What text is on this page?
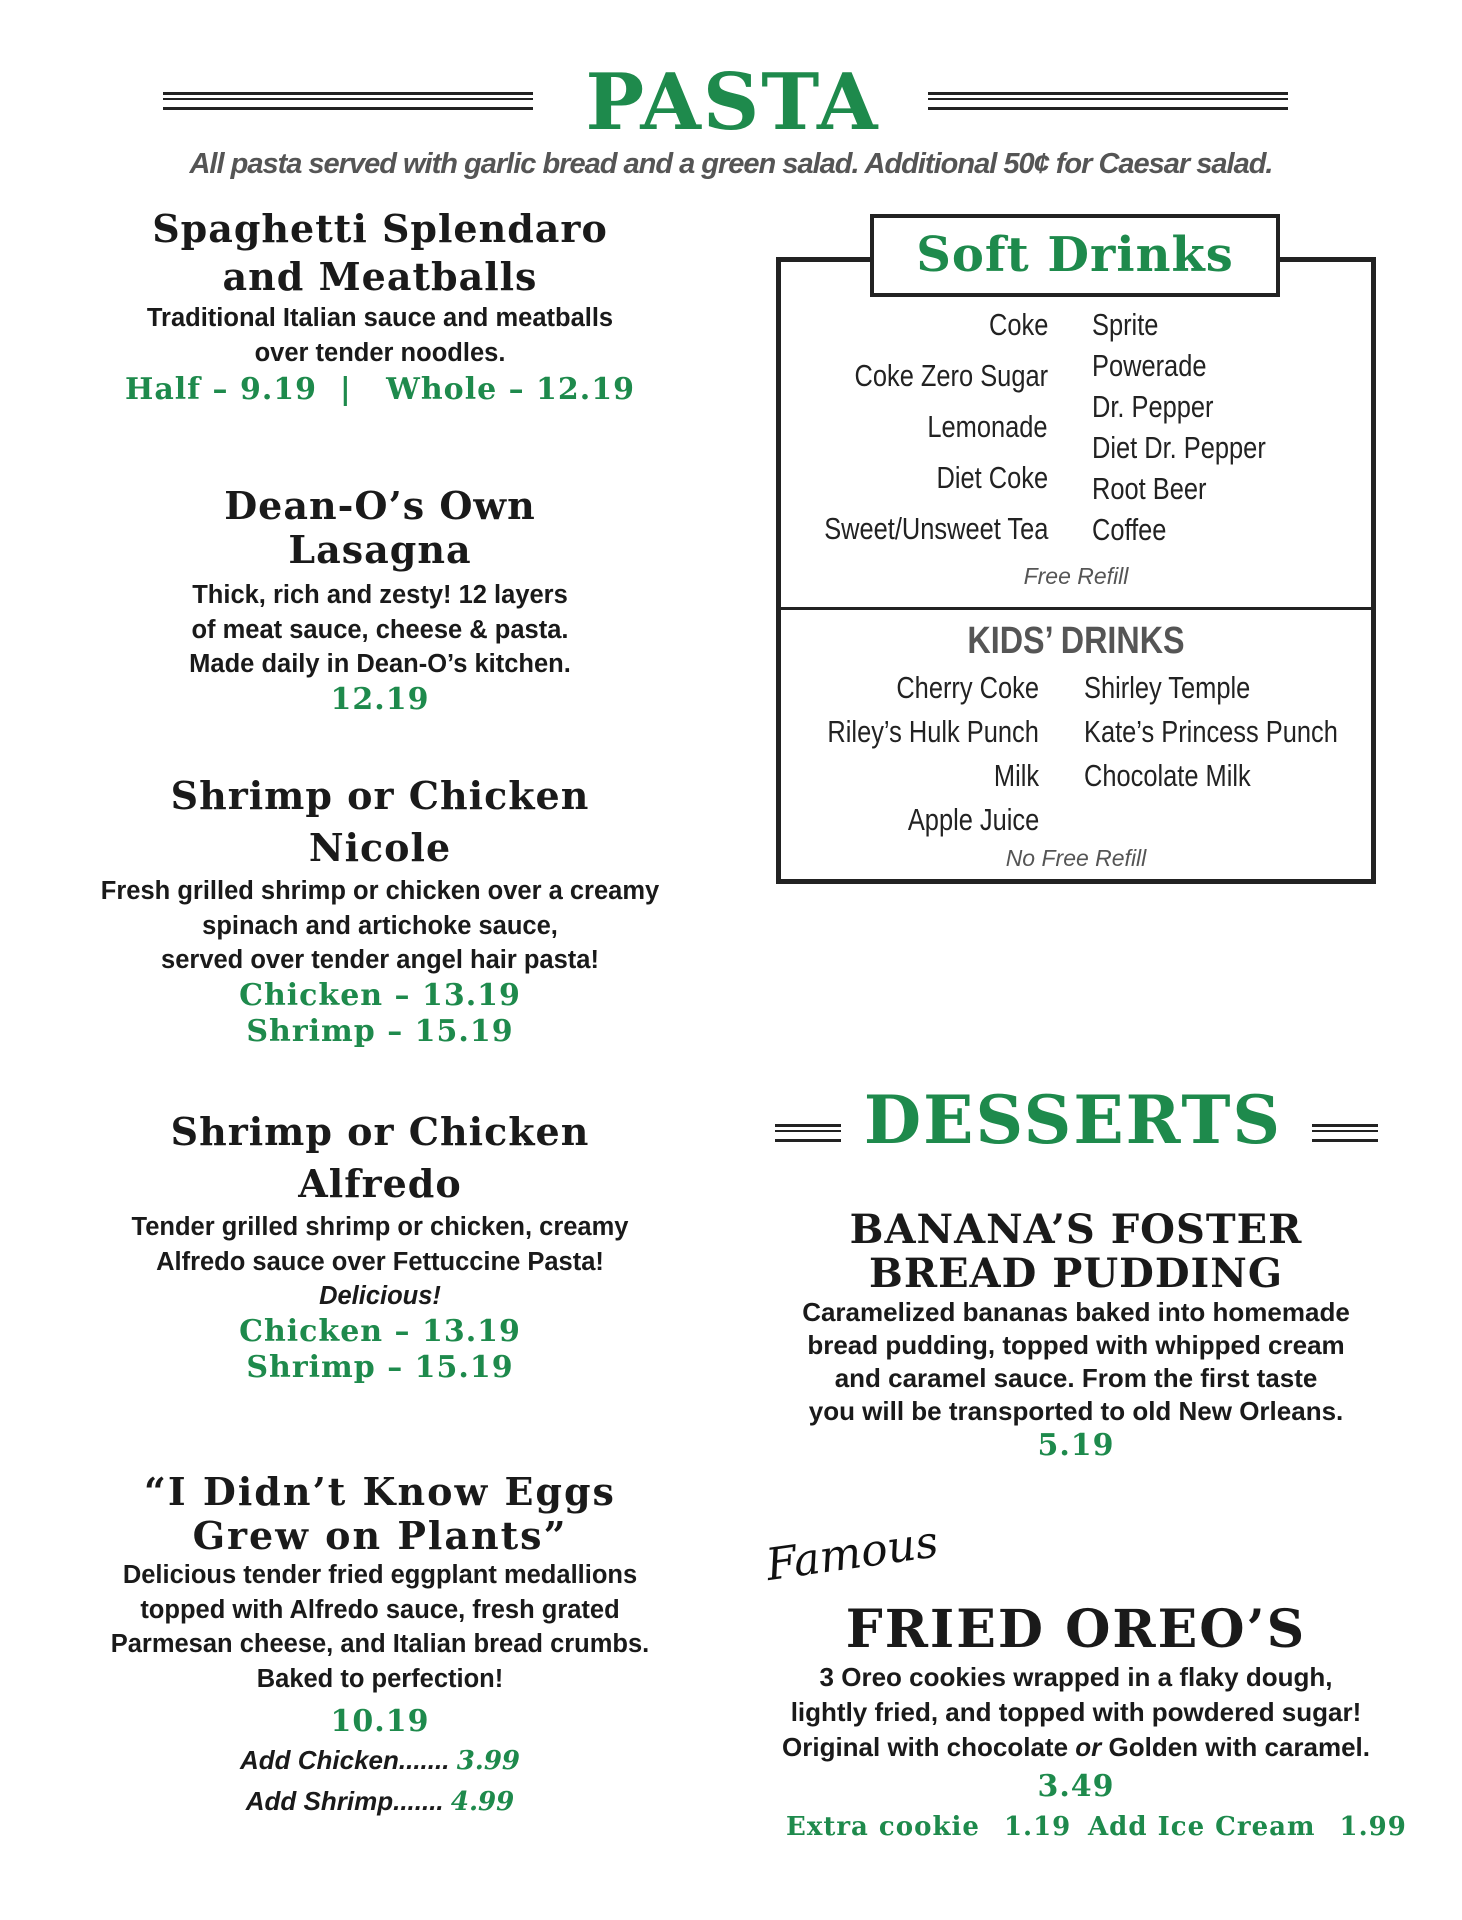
PASTA
All pasta served with garlic bread and a green salad. Additional 50¢ for Caesar salad.
Spaghetti Splendaro
and Meatballs
Traditional Italian sauce and meatballs
over tender noodles.
Half – 9.19  |   Whole – 12.19
Dean-O’s Own
Lasagna
Thick, rich and zesty! 12 layers
of meat sauce, cheese & pasta.
Made daily in Dean-O’s kitchen.
12.19
Shrimp or Chicken
Nicole
Fresh grilled shrimp or chicken over a creamy
spinach and artichoke sauce,
served over tender angel hair pasta!
Chicken – 13.19
Shrimp – 15.19
Shrimp or Chicken
Alfredo
Tender grilled shrimp or chicken, creamy
Alfredo sauce over Fettuccine Pasta!
Delicious!
Chicken – 13.19
Shrimp – 15.19
“I Didn’t Know Eggs
Grew on Plants”
Delicious tender fried eggplant medallions
topped with Alfredo sauce, fresh grated
Parmesan cheese, and Italian bread crumbs.
Baked to perfection!
10.19
Add Chicken....... 3.99
Add Shrimp....... 4.99
Soft Drinks
Coke
Coke Zero Sugar
Lemonade
Diet Coke
Sweet/Unsweet Tea
Sprite
Powerade
Dr. Pepper
Diet Dr. Pepper
Root Beer
Coffee
Free Refill
KIDS’ DRINKS
Cherry Coke
Riley’s Hulk Punch
Milk
Apple Juice
Shirley Temple
Kate’s Princess Punch
Chocolate Milk
No Free Refill
DESSERTS
BANANA’S FOSTER
BREAD PUDDING
Caramelized bananas baked into homemade
bread pudding, topped with whipped cream
and caramel sauce. From the first taste
you will be transported to old New Orleans.
5.19
Famous
FRIED OREO’S
3 Oreo cookies wrapped in a flaky dough,
lightly fried, and topped with powdered sugar!
Original with chocolate or Golden with caramel.
3.49
Extra cookie 1.19 Add Ice Cream 1.99
